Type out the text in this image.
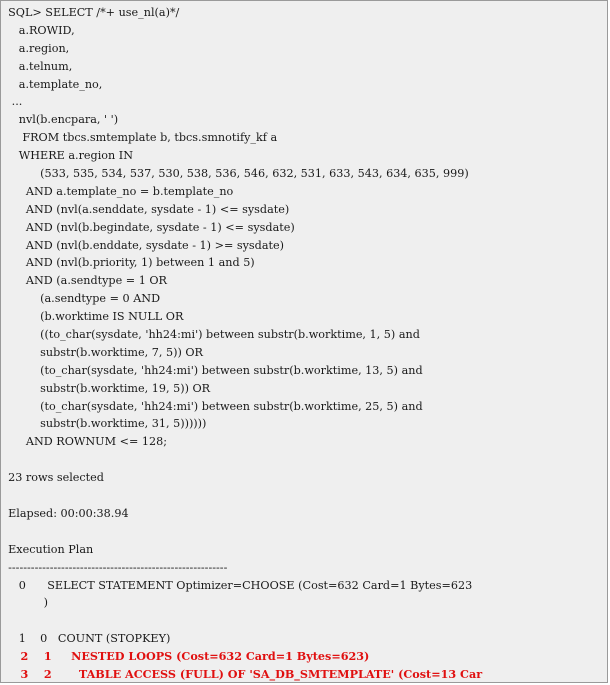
SQL> SELECT /*+ use_nl(a)*/
a.ROWID,
a.region,
a.telnum,
a.template_no,
...
nvl(b.encpara, ' ')
FROM tbcs.smtemplate b, tbcs.smnotify_kf a
WHERE a.region IN
(533, 535, 534, 537, 530, 538, 536, 546, 632, 531, 633, 543, 634, 635, 999)
AND a.template_no = b.template_no
AND (nvl(a.senddate, sysdate - 1) <= sysdate)
AND (nvl(b.begindate, sysdate - 1) <= sysdate)
AND (nvl(b.enddate, sysdate - 1) >= sysdate)
AND (nvl(b.priority, 1) between 1 and 5)
AND (a.sendtype = 1 OR
(a.sendtype = 0 AND
(b.worktime IS NULL OR
((to_char(sysdate, 'hh24:mi') between substr(b.worktime, 1, 5) and
substr(b.worktime, 7, 5)) OR
(to_char(sysdate, 'hh24:mi') between substr(b.worktime, 13, 5) and
substr(b.worktime, 19, 5)) OR
(to_char(sysdate, 'hh24:mi') between substr(b.worktime, 25, 5) and
substr(b.worktime, 31, 5))))))
AND ROWNUM <= 128;
23 rows selected
Elapsed: 00:00:38.94
Execution Plan
----------------------------------------------------------
0      SELECT STATEMENT Optimizer=CHOOSE (Cost=632 Card=1 Bytes=623
)
1    0   COUNT (STOPKEY)
2    1     NESTED LOOPS (Cost=632 Card=1 Bytes=623)
3    2       TABLE ACCESS (FULL) OF 'SA_DB_SMTEMPLATE' (Cost=13 Car
